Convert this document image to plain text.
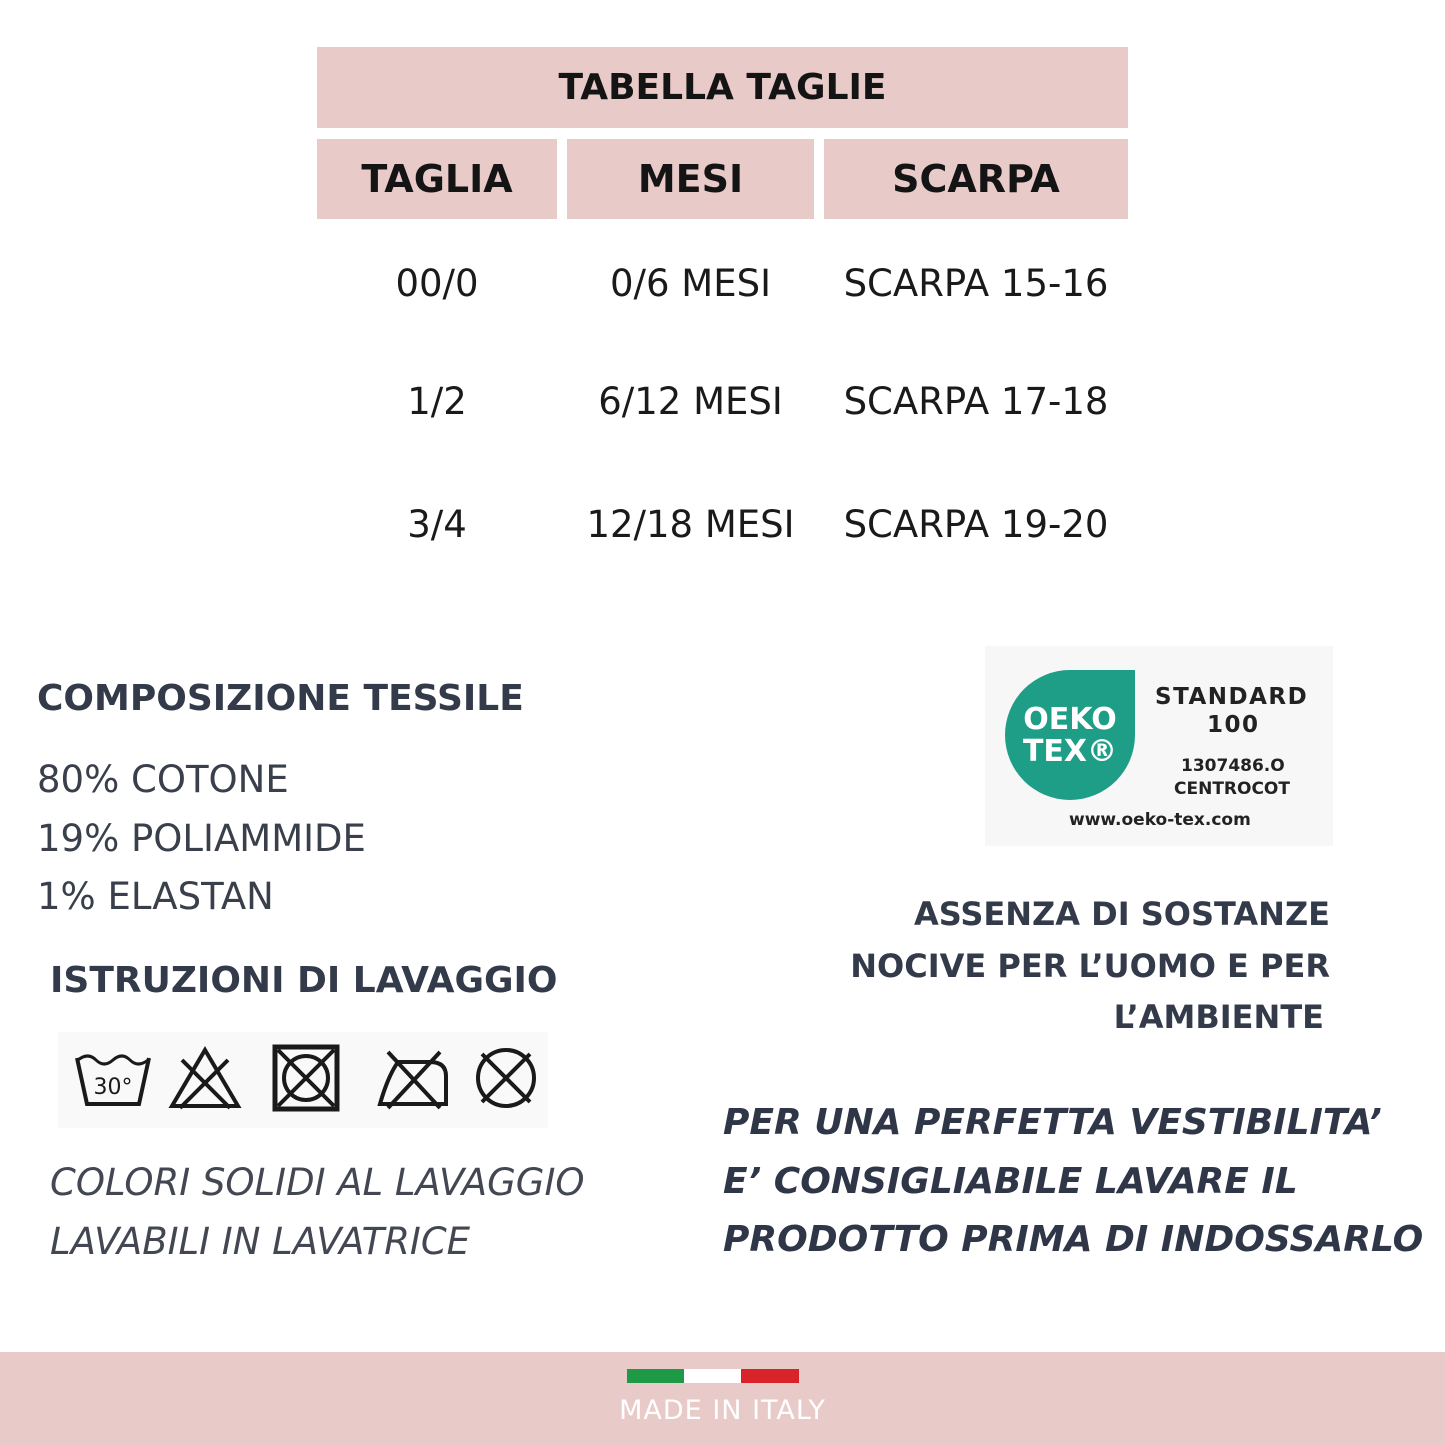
TABELLA TAGLIE
TAGLIA	MESI	SCARPA
00/0	0/6 MESI	SCARPA 15-16
1/2	6/12 MESI	SCARPA 17-18
3/4	12/18 MESI	SCARPA 19-20
COMPOSIZIONE TESSILE
80% COTONE
19% POLIAMMIDE
1% ELASTAN
ISTRUZIONI DI LAVAGGIO
30°
COLORI SOLIDI AL LAVAGGIO
LAVABILI IN LAVATRICE
OEKO
TEX®
STANDARD
100
1307486.O
CENTROCOT
www.oeko-tex.com
ASSENZA DI SOSTANZE
NOCIVE PER L’UOMO E PER
L’AMBIENTE
PER UNA PERFETTA VESTIBILITA’
E’ CONSIGLIABILE LAVARE IL
PRODOTTO PRIMA DI INDOSSARLO
MADE IN ITALY
